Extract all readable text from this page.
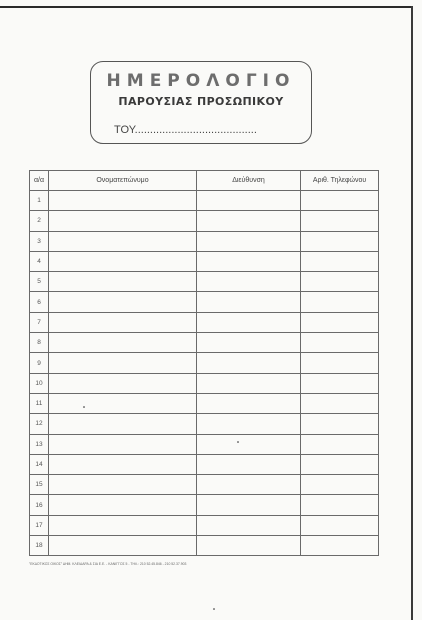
ΗΜΕΡΟΛΟΓΙΟ
ΠΑΡΟΥΣΙΑΣ ΠΡΟΣΩΠΙΚΟΥ
ΤΟΥ........................................
α/α	Ονοματεπώνυμο	Διεύθυνση	Αριθ. Τηλεφώνου
1			
2			
3			
4			
5			
6			
7			
8			
9			
10			
11			
12			
13			
14			
15			
16			
17			
18			
"ΕΚΔΟΤΙΚΟΣ ΟΙΚΟΣ" ΔΗΜ. ΚΛΕΙΔΑΡΑ & ΣΙΑ Ε.Ε. - ΚΑΝΙΓΓΟΣ 5 - ΤΗΛ.: 210 52.45.846 - 210 52.37.903
